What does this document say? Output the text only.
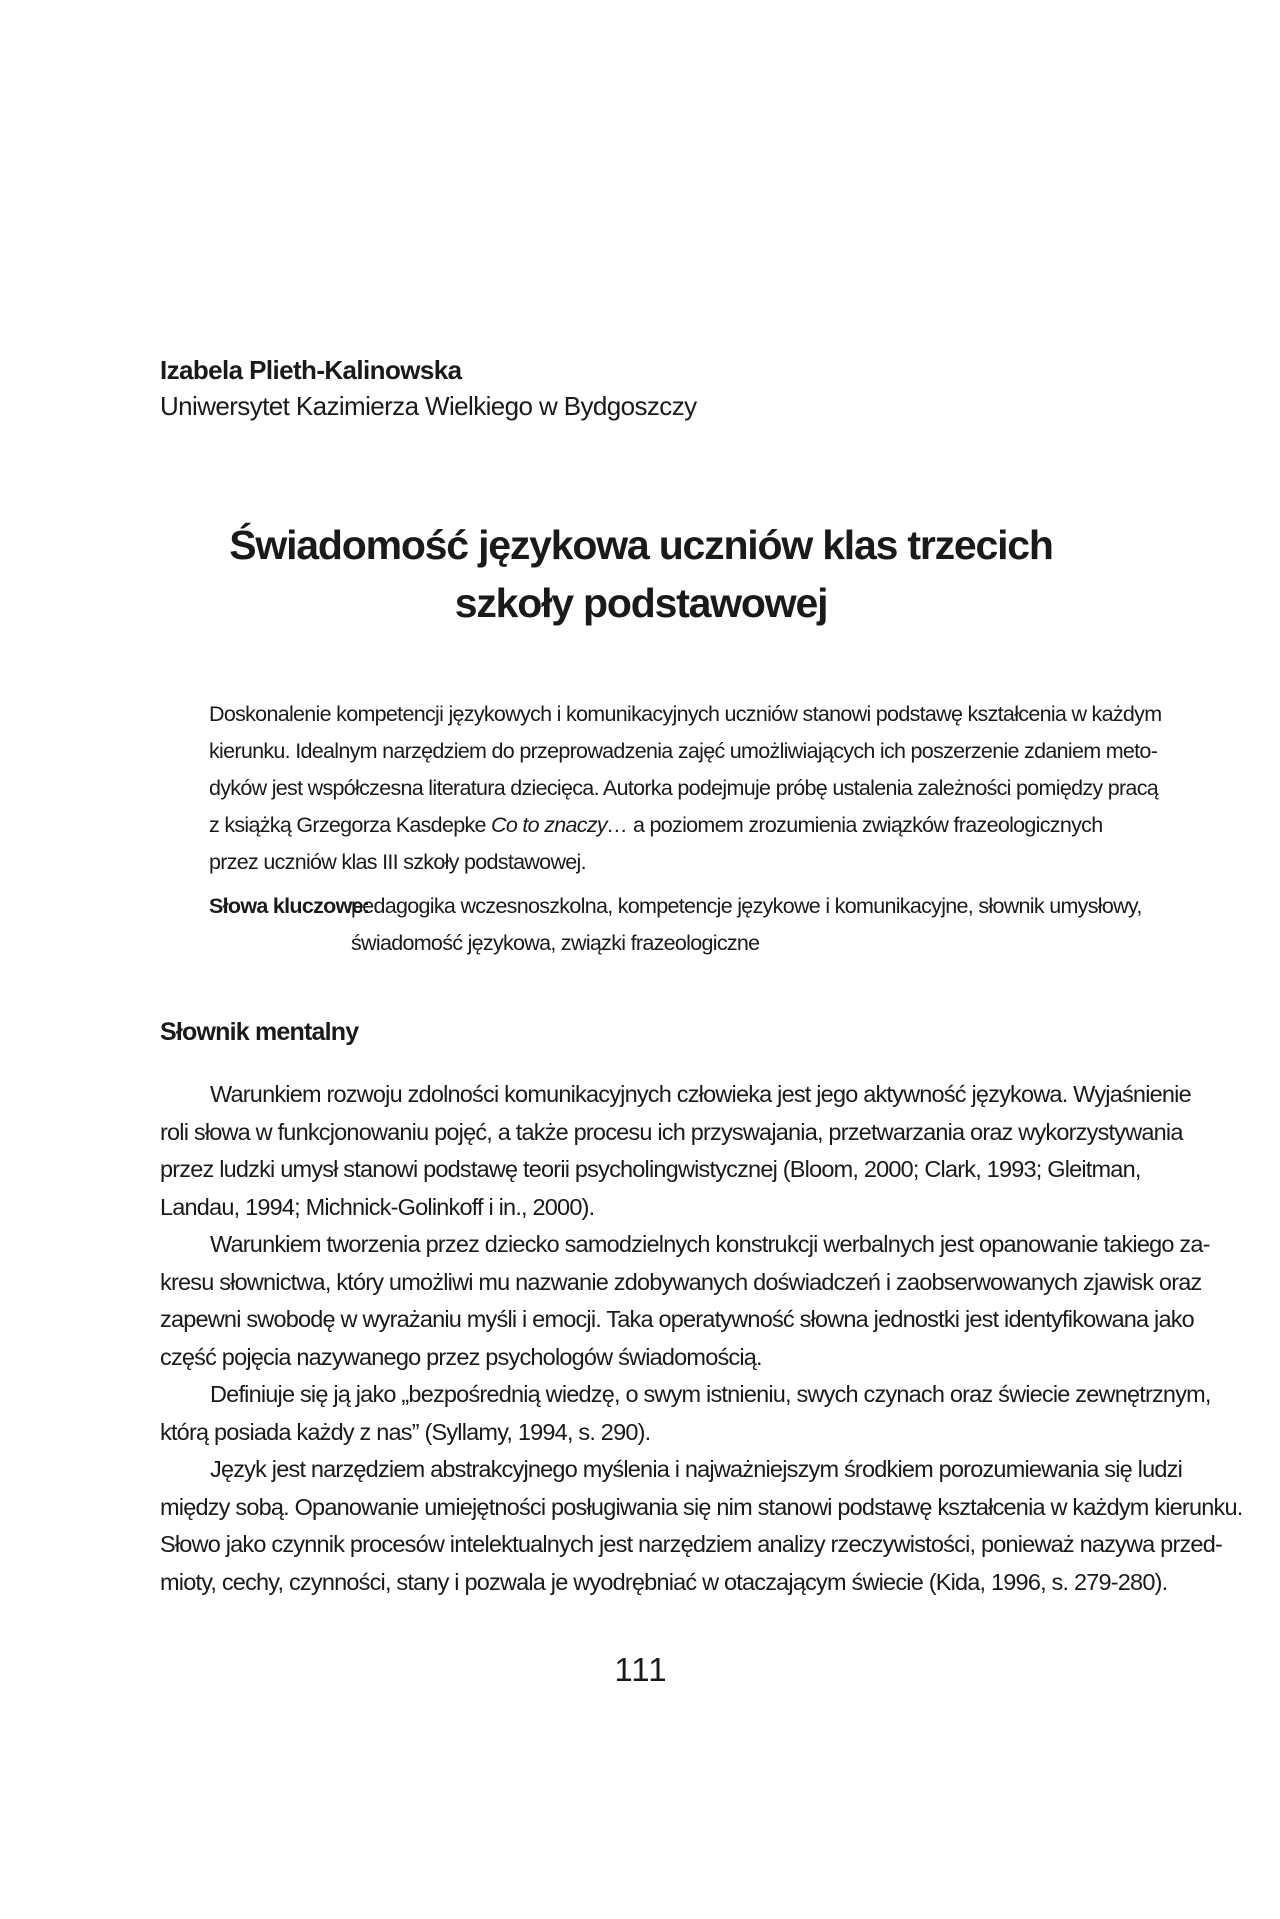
Izabela Plieth-Kalinowska
Uniwersytet Kazimierza Wielkiego w Bydgoszczy
Świadomość językowa uczniów klas trzecich
szkoły podstawowej

Doskonalenie kompetencji językowych i komunikacyjnych uczniów stanowi podstawę kształcenia w każdym
kierunku. Idealnym narzędziem do przeprowadzenia zajęć umożliwiających ich poszerzenie zdaniem meto-
dyków jest współczesna literatura dziecięca. Autorka podejmuje próbę ustalenia zależności pomiędzy pracą
z książką Grzegorza Kasdepke Co to znaczy… a poziomem zrozumienia związków frazeologicznych
przez uczniów klas III szkoły podstawowej.

Słowa kluczowe:pedagogika wczesnoszkolna, kompetencje językowe i komunikacyjne, słownik umysłowy,
świadomość językowa, związki frazeologiczne
Słownik mentalny
Warunkiem rozwoju zdolności komunikacyjnych człowieka jest jego aktywność językowa. Wyjaśnienie
roli słowa w funkcjonowaniu pojęć, a także procesu ich przyswajania, przetwarzania oraz wykorzystywania
przez ludzki umysł stanowi podstawę teorii psycholingwistycznej (Bloom, 2000; Clark, 1993; Gleitman,
Landau, 1994; Michnick-Golinkoff i in., 2000).
Warunkiem tworzenia przez dziecko samodzielnych konstrukcji werbalnych jest opanowanie takiego za-
kresu słownictwa, który umożliwi mu nazwanie zdobywanych doświadczeń i zaobserwowanych zjawisk oraz
zapewni swobodę w wyrażaniu myśli i emocji. Taka operatywność słowna jednostki jest identyfikowana jako
część pojęcia nazywanego przez psychologów świadomością.
Definiuje się ją jako „bezpośrednią wiedzę, o swym istnieniu, swych czynach oraz świecie zewnętrznym,
którą posiada każdy z nas” (Syllamy, 1994, s. 290).
Język jest narzędziem abstrakcyjnego myślenia i najważniejszym środkiem porozumiewania się ludzi
między sobą. Opanowanie umiejętności posługiwania się nim stanowi podstawę kształcenia w każdym kierunku.
Słowo jako czynnik procesów intelektualnych jest narzędziem analizy rzeczywistości, ponieważ nazywa przed-
mioty, cechy, czynności, stany i pozwala je wyodrębniać w otaczającym świecie (Kida, 1996, s. 279-280).
111
